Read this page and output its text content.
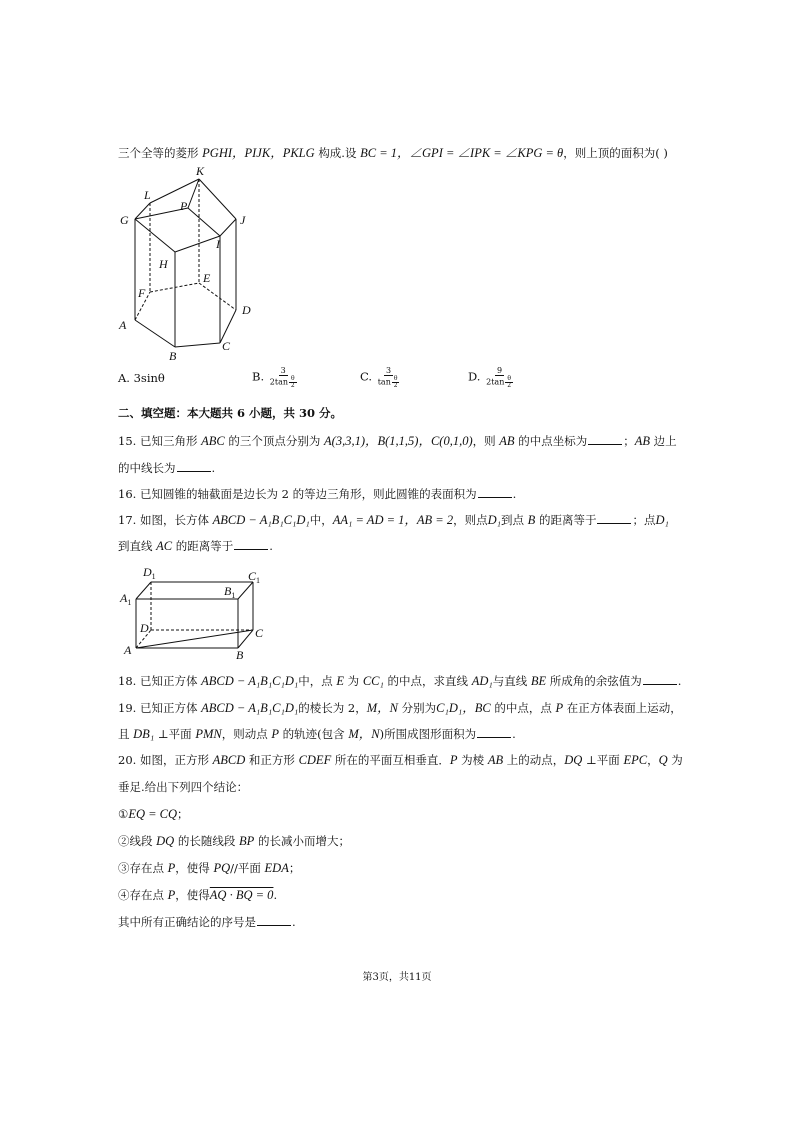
三个全等的菱形 PGHI，PIJK，PKLG 构成.设 BC = 1，∠GPI = ∠IPK = ∠KPG = θ，则上顶的面积为( )
K
L
P
G	J
I
H
E
F
D
A
C
B
A. 3sinθ	B. $\frac{3}{2\tan \frac{\theta}{2}}$	C. $\frac{3}{\tan \frac{\theta}{2}}$	D. $\frac{9}{2\tan \frac{\theta}{2}}$
二、填空题：本大题共 6 小题，共 30 分。
15. 已知三角形 ABC 的三个顶点分别为 A(3,3,1)，B(1,1,5)，C(0,1,0)，则 AB 的中点坐标为	；AB 边上
的中线长为	.
16. 已知圆锥的轴截面是边长为 2 的等边三角形，则此圆锥的表面积为	.
17. 如图，长方体 ABCD − A₁B₁C₁D₁中，AA₁ = AD = 1，AB = 2，则点D₁到点 B 的距离等于	；点D₁
到直线 AC 的距离等于	.
$D_1$	$C_1$
$A_1$
$B_1$
D	C
A	B
18. 已知正方体 ABCD − A₁B₁C₁D₁中，点 E 为 CC₁ 的中点，求直线 AD₁与直线 BE 所成角的余弦值为	.
19. 已知正方体 ABCD − A₁B₁C₁D₁的棱长为 2，M，N 分别为C₁D₁，BC 的中点，点 P 在正方体表面上运动，
且 DB₁ ⊥平面 PMN，则动点 P 的轨迹(包含 M，N)所围成图形面积为	.
20. 如图，正方形 ABCD 和正方形 CDEF 所在的平面互相垂直．P 为棱 AB 上的动点，DQ ⊥平面 EPC，Q 为
垂足.给出下列四个结论：
①EQ = CQ；
②线段 DQ 的长随线段 BP 的长减小而增大；
③存在点 P，使得 PQ//平面 EDA；
④存在点 P，使得AQ · BQ = 0.
其中所有正确结论的序号是	.
第3页，共11页
